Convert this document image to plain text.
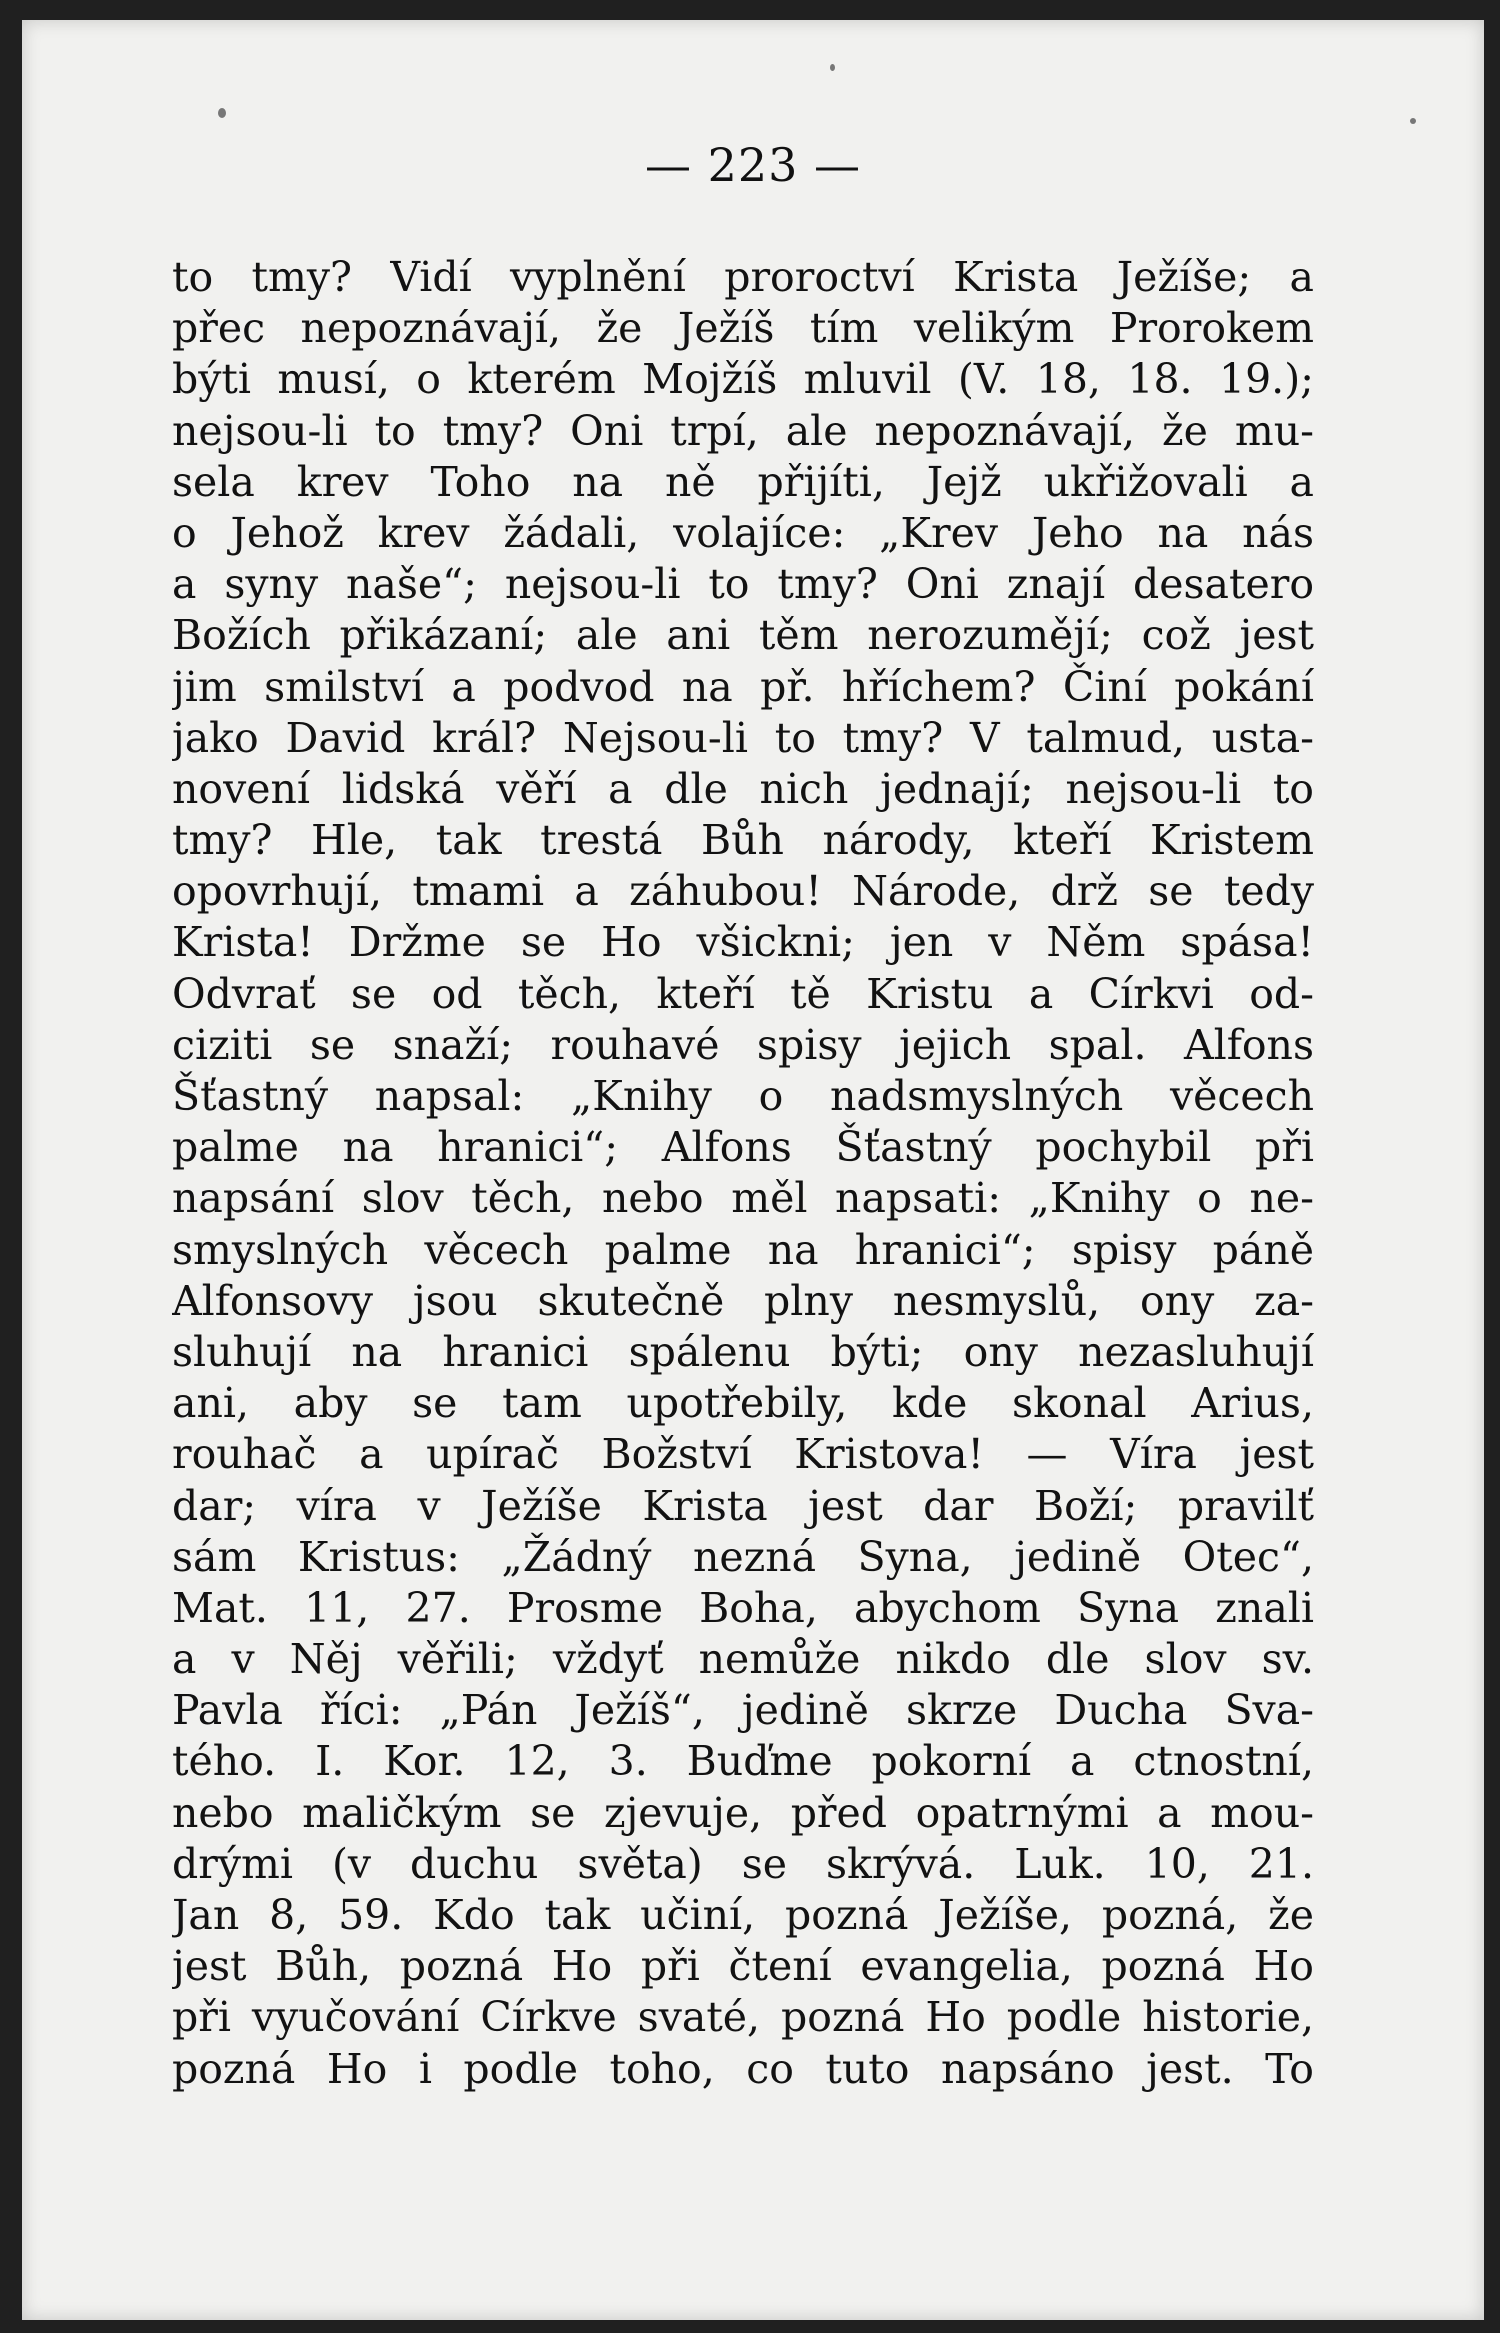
— 223 —
to tmy? Vidí vyplnění proroctví Krista Ježíše; a
přec nepoznávají, že Ježíš tím velikým Prorokem
býti musí, o kterém Mojžíš mluvil (V. 18, 18. 19.);
nejsou-li to tmy? Oni trpí, ale nepoznávají, že mu-
sela krev Toho na ně přijíti, Jejž ukřižovali a
o Jehož krev žádali, volajíce: „Krev Jeho na nás
a syny naše“; nejsou-li to tmy? Oni znají desatero
Božích přikázaní; ale ani těm nerozumějí; což jest
jim smilství a podvod na př. hříchem? Činí pokání
jako David král? Nejsou-li to tmy? V talmud, usta-
novení lidská věří a dle nich jednají; nejsou-li to
tmy? Hle, tak trestá Bůh národy, kteří Kristem
opovrhují, tmami a záhubou! Národe, drž se tedy
Krista! Držme se Ho všickni; jen v Něm spása!
Odvrať se od těch, kteří tě Kristu a Církvi od-
ciziti se snaží; rouhavé spisy jejich spal. Alfons
Šťastný napsal: „Knihy o nadsmyslných věcech
palme na hranici“; Alfons Šťastný pochybil při
napsání slov těch, nebo měl napsati: „Knihy o ne-
smyslných věcech palme na hranici“; spisy páně
Alfonsovy jsou skutečně plny nesmyslů, ony za-
sluhují na hranici spálenu býti; ony nezasluhují
ani, aby se tam upotřebily, kde skonal Arius,
rouhač a upírač Božství Kristova! — Víra jest
dar; víra v Ježíše Krista jest dar Boží; pravilť
sám Kristus: „Žádný nezná Syna, jedině Otec“,
Mat. 11, 27. Prosme Boha, abychom Syna znali
a v Něj věřili; vždyť nemůže nikdo dle slov sv.
Pavla říci: „Pán Ježíš“, jedině skrze Ducha Sva-
tého. I. Kor. 12, 3. Buďme pokorní a ctnostní,
nebo maličkým se zjevuje, před opatrnými a mou-
drými (v duchu světa) se skrývá. Luk. 10, 21.
Jan 8, 59. Kdo tak učiní, pozná Ježíše, pozná, že
jest Bůh, pozná Ho při čtení evangelia, pozná Ho
při vyučování Církve svaté, pozná Ho podle historie,
pozná Ho i podle toho, co tuto napsáno jest. To
